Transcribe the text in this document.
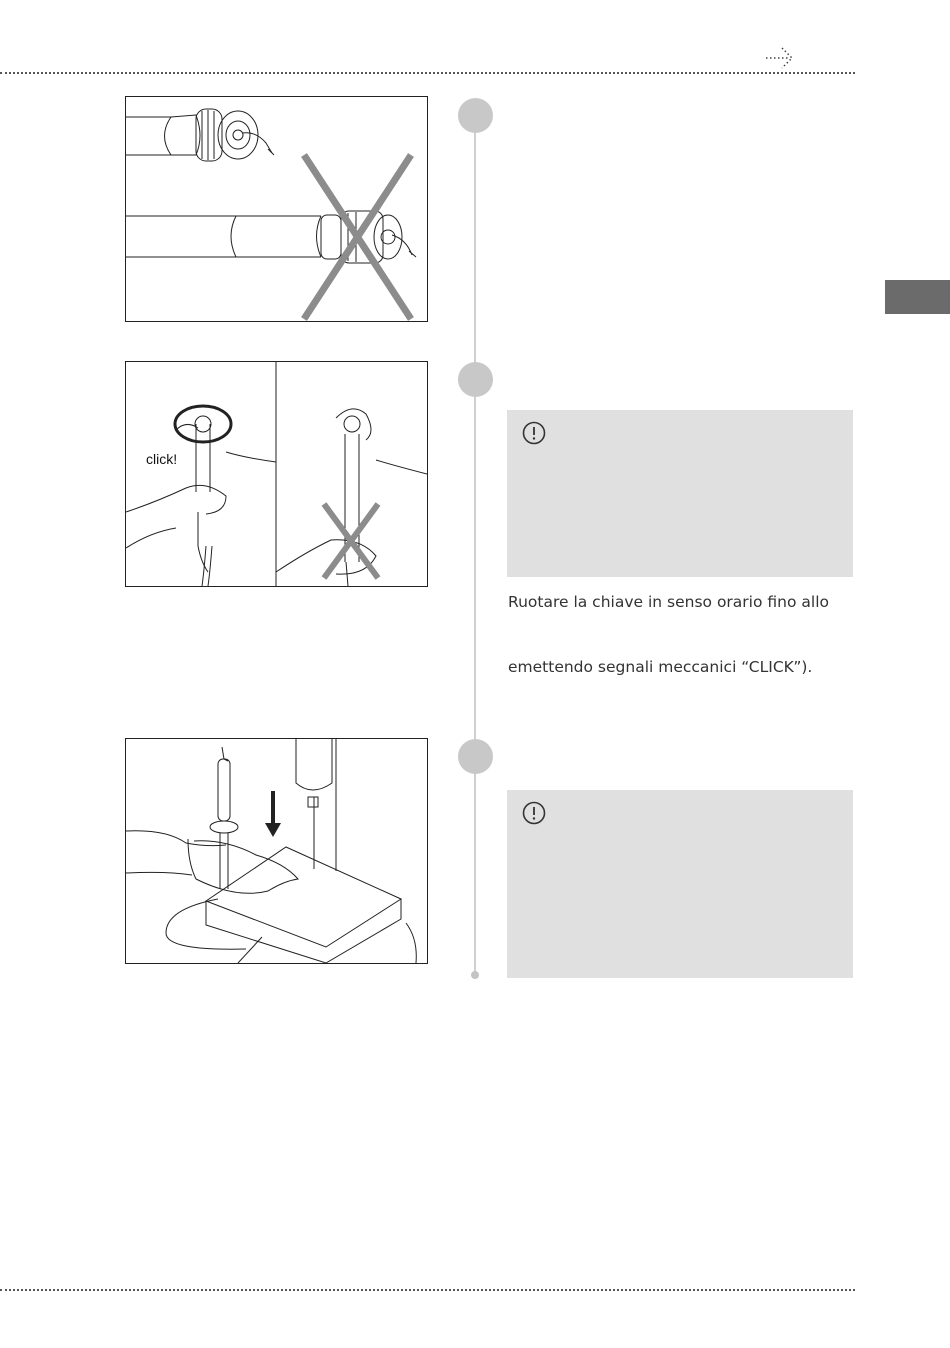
click!
Ruotare la chiave in senso orario fino allo
emettendo segnali meccanici “CLICK”).
